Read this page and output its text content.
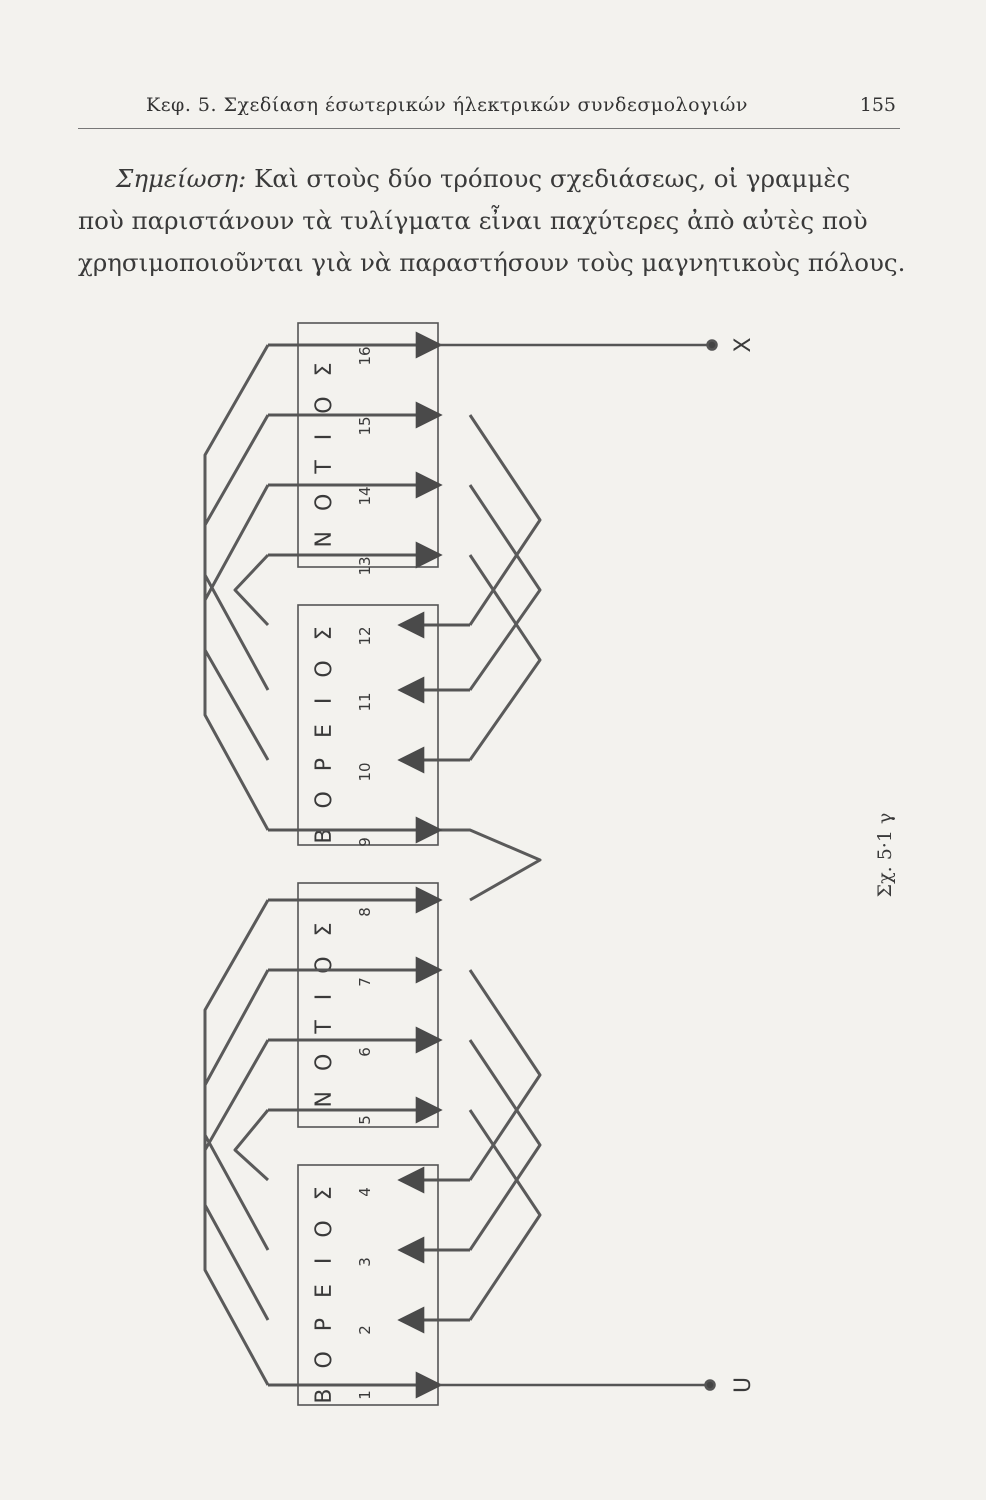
Κεφ. 5. Σχεδίαση έσωτερικών ήλεκτρικών συνδεσμολογιών	155
Σημείωση: Καὶ στοὺς δύο τρόπους σχεδιάσεως, οἱ γραμμὲς
ποὺ παριστάνουν τὰ τυλίγματα εἶναι παχύτερες ἀπὸ αὐτὲς ποὺ
χρησιμοποιοῦνται γιὰ νὰ παραστήσουν τοὺς μαγνητικοὺς πόλους.
ΒΟΡΕΙΟΣ
ΝΟΤΙΟΣ
ΒΟΡΕΙΟΣ
ΝΟΤΙΟΣ
1
2
3
4
5
6
7
8
9
10
11
12
13
14
15
16
X
U
Σχ. 5·1 γ
